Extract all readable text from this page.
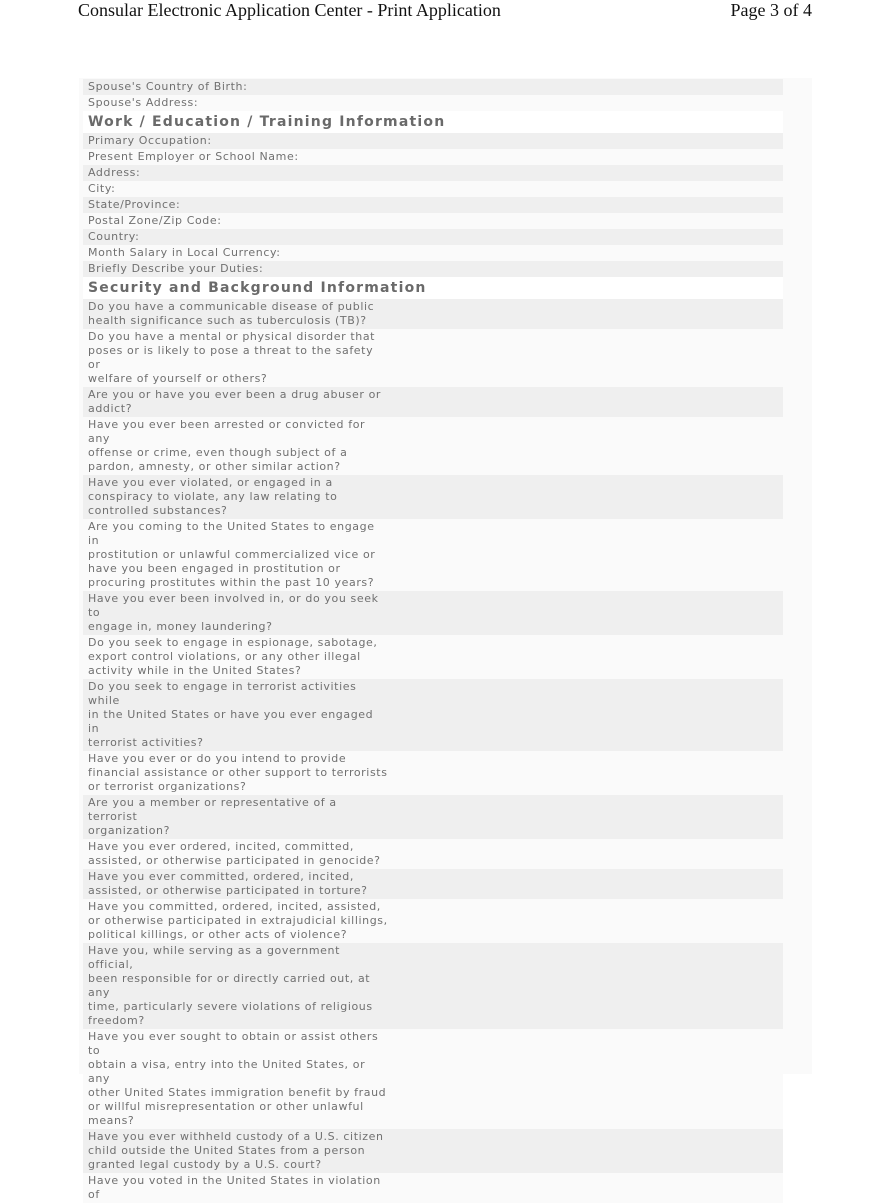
Consular Electronic Application Center - Print Application	Page 3 of 4
Spouse's Country of Birth:
Spouse's Address:
Work / Education / Training Information
Primary Occupation:
Present Employer or School Name:
Address:
City:
State/Province:
Postal Zone/Zip Code:
Country:
Month Salary in Local Currency:
Briefly Describe your Duties:
Security and Background Information
Do you have a communicable disease of public
health significance such as tuberculosis (TB)?
Do you have a mental or physical disorder that
poses or is likely to pose a threat to the safety or
welfare of yourself or others?
Are you or have you ever been a drug abuser or
addict?
Have you ever been arrested or convicted for any
offense or crime, even though subject of a
pardon, amnesty, or other similar action?
Have you ever violated, or engaged in a
conspiracy to violate, any law relating to
controlled substances?
Are you coming to the United States to engage in
prostitution or unlawful commercialized vice or
have you been engaged in prostitution or
procuring prostitutes within the past 10 years?
Have you ever been involved in, or do you seek to
engage in, money laundering?
Do you seek to engage in espionage, sabotage,
export control violations, or any other illegal
activity while in the United States?
Do you seek to engage in terrorist activities while
in the United States or have you ever engaged in
terrorist activities?
Have you ever or do you intend to provide
financial assistance or other support to terrorists
or terrorist organizations?
Are you a member or representative of a terrorist
organization?
Have you ever ordered, incited, committed,
assisted, or otherwise participated in genocide?
Have you ever committed, ordered, incited,
assisted, or otherwise participated in torture?
Have you committed, ordered, incited, assisted,
or otherwise participated in extrajudicial killings,
political killings, or other acts of violence?
Have you, while serving as a government official,
been responsible for or directly carried out, at any
time, particularly severe violations of religious
freedom?
Have you ever sought to obtain or assist others to
obtain a visa, entry into the United States, or any
other United States immigration benefit by fraud
or willful misrepresentation or other unlawful
means?
Have you ever withheld custody of a U.S. citizen
child outside the United States from a person
granted legal custody by a U.S. court?
Have you voted in the United States in violation of
